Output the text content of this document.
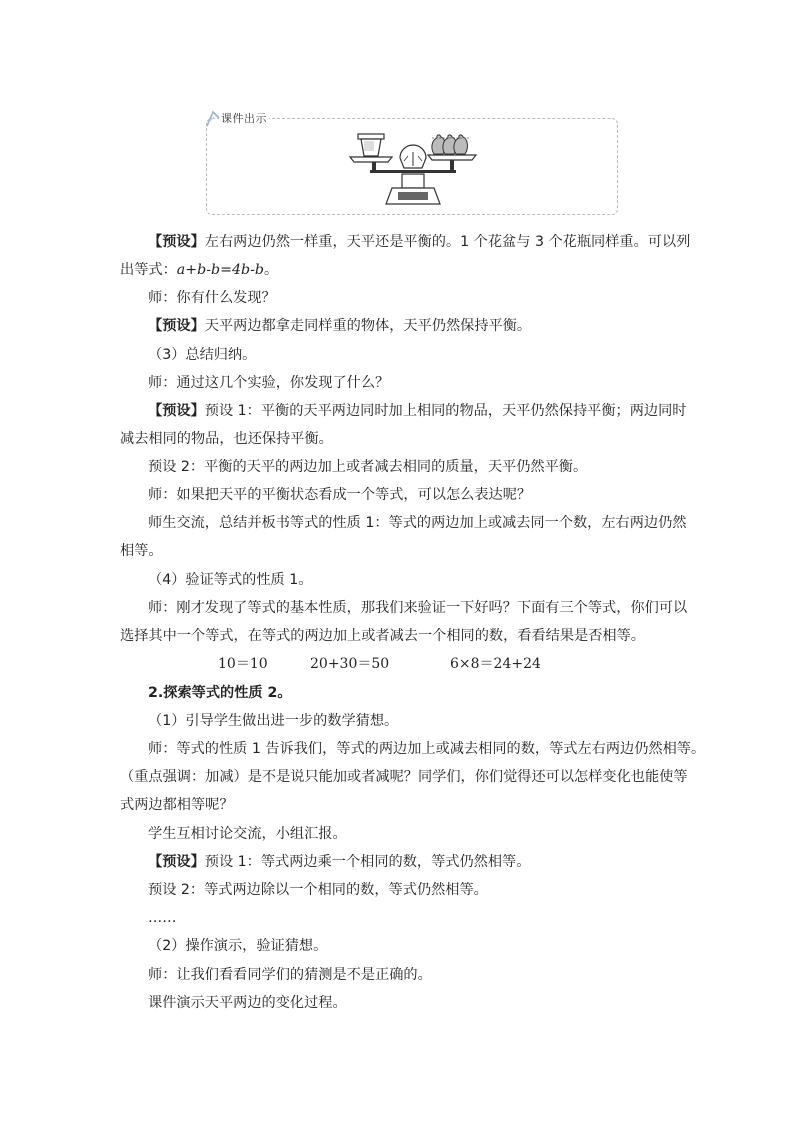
课件出示
【预设】左右两边仍然一样重，天平还是平衡的。1 个花盆与 3 个花瓶同样重。可以列
出等式：a+b-b=4b-b。
师：你有什么发现？
【预设】天平两边都拿走同样重的物体，天平仍然保持平衡。
（3）总结归纳。
师：通过这几个实验，你发现了什么？
【预设】预设 1：平衡的天平两边同时加上相同的物品，天平仍然保持平衡；两边同时
减去相同的物品，也还保持平衡。
预设 2：平衡的天平的两边加上或者减去相同的质量，天平仍然平衡。
师：如果把天平的平衡状态看成一个等式，可以怎么表达呢？
师生交流，总结并板书等式的性质 1：等式的两边加上或减去同一个数，左右两边仍然
相等。
（4）验证等式的性质 1。
师：刚才发现了等式的基本性质，那我们来验证一下好吗？下面有三个等式，你们可以
选择其中一个等式，在等式的两边加上或者减去一个相同的数，看看结果是否相等。
10＝10	20+30＝50	6×8＝24+24
2.探索等式的性质 2。
（1）引导学生做出进一步的数学猜想。
师：等式的性质 1 告诉我们，等式的两边加上或减去相同的数，等式左右两边仍然相等。
（重点强调：加减）是不是说只能加或者减呢？同学们，你们觉得还可以怎样变化也能使等
式两边都相等呢？
学生互相讨论交流，小组汇报。
【预设】预设 1：等式两边乘一个相同的数，等式仍然相等。
预设 2：等式两边除以一个相同的数，等式仍然相等。
……
（2）操作演示，验证猜想。
师：让我们看看同学们的猜测是不是正确的。
课件演示天平两边的变化过程。
